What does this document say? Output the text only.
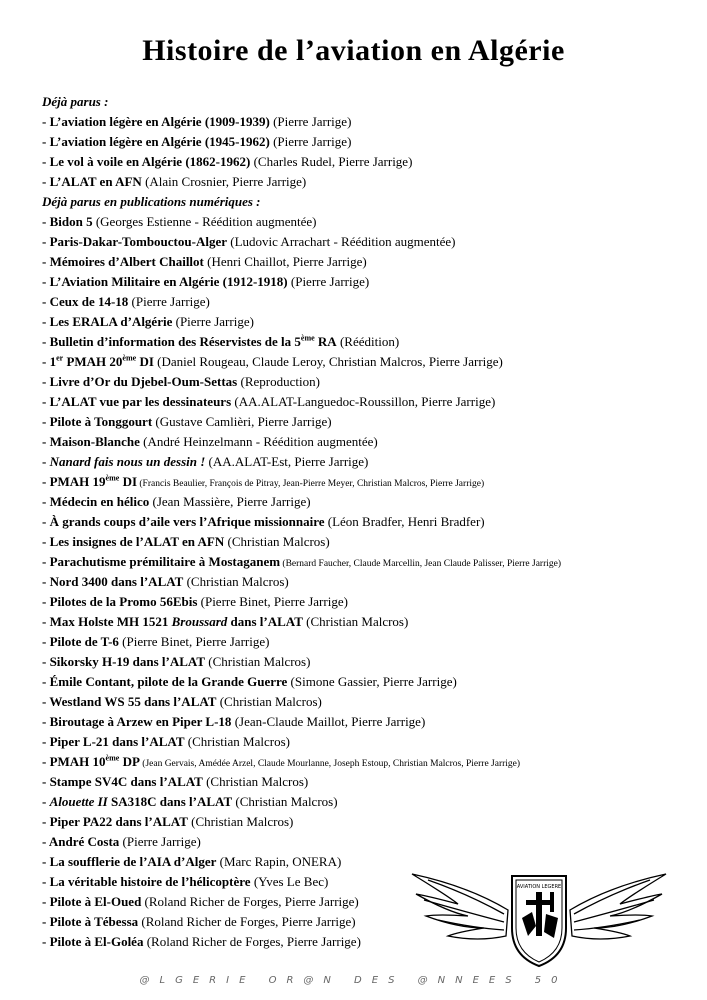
Histoire de l’aviation en Algérie
Déjà parus :
- L’aviation légère en Algérie (1909-1939) (Pierre Jarrige)
- L’aviation légère en Algérie (1945-1962) (Pierre Jarrige)
- Le vol à voile en Algérie (1862-1962) (Charles Rudel, Pierre Jarrige)
- L’ALAT en AFN (Alain Crosnier, Pierre Jarrige)
Déjà parus en publications numériques :
- Bidon 5 (Georges Estienne - Réédition augmentée)
- Paris-Dakar-Tombouctou-Alger (Ludovic Arrachart - Réédition augmentée)
- Mémoires d’Albert Chaillot (Henri Chaillot, Pierre Jarrige)
- L’Aviation Militaire en Algérie (1912-1918) (Pierre Jarrige)
- Ceux de 14-18 (Pierre Jarrige)
- Les ERALA d’Algérie (Pierre Jarrige)
- Bulletin d’information des Réservistes de la 5ème RA (Réédition)
- 1er PMAH 20ème DI (Daniel Rougeau, Claude Leroy, Christian Malcros, Pierre Jarrige)
- Livre d’Or du Djebel-Oum-Settas (Reproduction)
- L’ALAT vue par les dessinateurs (AA.ALAT-Languedoc-Roussillon, Pierre Jarrige)
- Pilote à Tonggourt (Gustave Camlièri, Pierre Jarrige)
- Maison-Blanche (André Heinzelmann - Réédition augmentée)
- Nanard fais nous un dessin ! (AA.ALAT-Est, Pierre Jarrige)
- PMAH 19ème DI (Francis Beaulier, François de Pitray, Jean-Pierre Meyer, Christian Malcros, Pierre Jarrige)
- Médecin en hélico (Jean Massière, Pierre Jarrige)
- À grands coups d’aile vers l’Afrique missionnaire (Léon Bradfer, Henri Bradfer)
- Les insignes de l’ALAT en AFN (Christian Malcros)
- Parachutisme prémilitaire à Mostaganem (Bernard Faucher, Claude Marcellin, Jean Claude Palisser, Pierre Jarrige)
- Nord 3400 dans l’ALAT (Christian Malcros)
- Pilotes de la Promo 56Ebis (Pierre Binet, Pierre Jarrige)
- Max Holste MH 1521 Broussard dans l’ALAT (Christian Malcros)
- Pilote de T-6 (Pierre Binet, Pierre Jarrige)
- Sikorsky H-19 dans l’ALAT (Christian Malcros)
- Émile Contant, pilote de la Grande Guerre (Simone Gassier, Pierre Jarrige)
- Westland WS 55 dans l’ALAT (Christian Malcros)
- Biroutage à Arzew en Piper L-18 (Jean-Claude Maillot, Pierre Jarrige)
- Piper L-21 dans l’ALAT (Christian Malcros)
- PMAH 10ème DP (Jean Gervais, Amédée Arzel, Claude Mourlanne, Joseph Estoup, Christian Malcros, Pierre Jarrige)
- Stampe SV4C dans l’ALAT (Christian Malcros)
- Alouette II SA318C dans l’ALAT (Christian Malcros)
- Piper PA22 dans l’ALAT (Christian Malcros)
- André Costa (Pierre Jarrige)
- La soufflerie de l’AIA d’Alger (Marc Rapin, ONERA)
- La véritable histoire de l’hélicoptère (Yves Le Bec)
- Pilote à El-Oued (Roland Richer de Forges, Pierre Jarrige)
- Pilote à Tébessa (Roland Richer de Forges, Pierre Jarrige)
- Pilote à El-Goléa (Roland Richer de Forges, Pierre Jarrige)
AVIATION LEGERE
@LGERIE OR@N DES @NNEES 50
